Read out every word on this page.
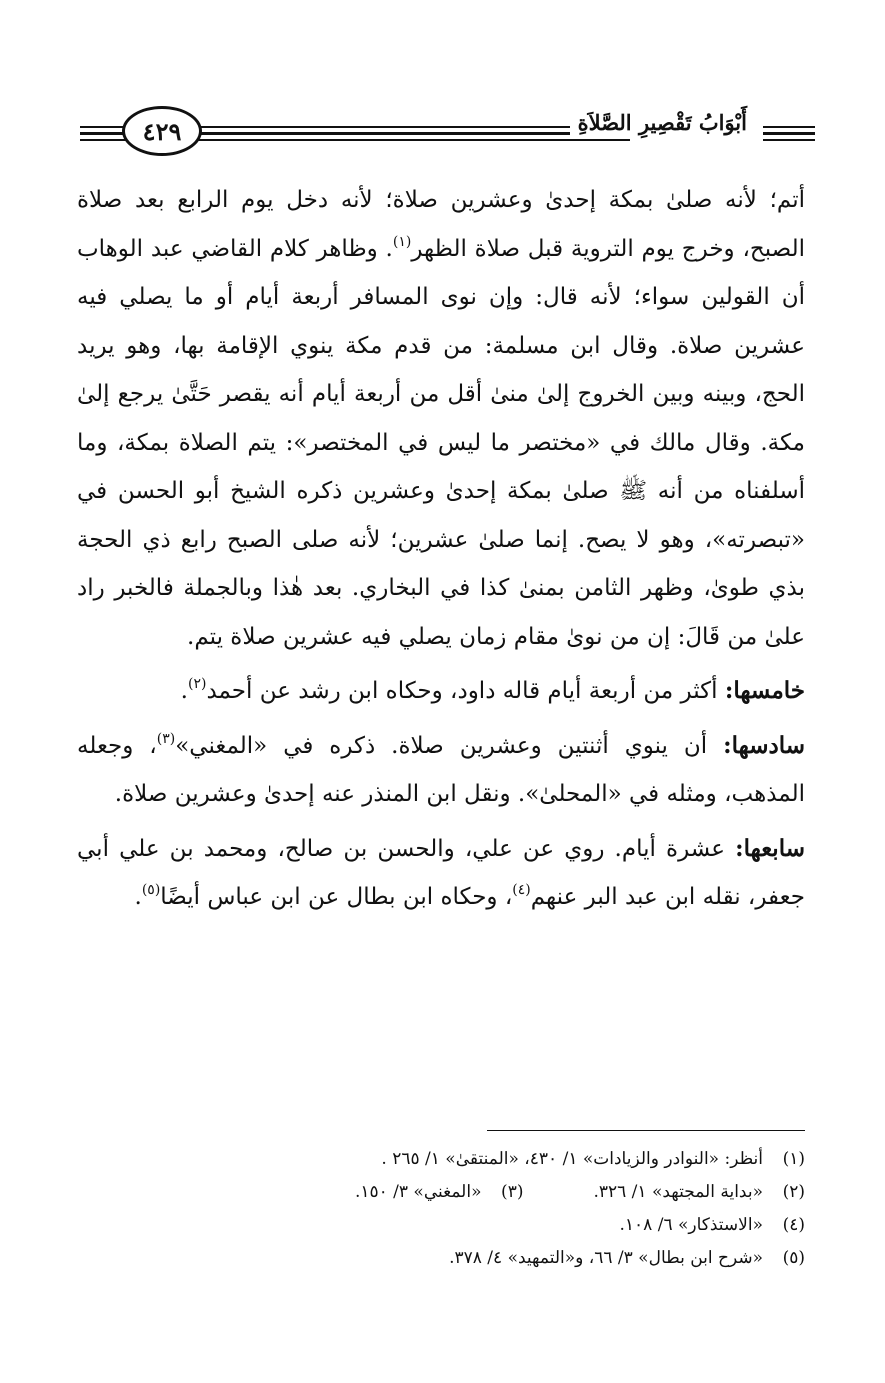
٤٢٩	أَبْوَابُ تَقْصِيرِ الصَّلاَةِ

أتم؛ لأنه صلىٰ بمكة إحدىٰ وعشرين صلاة؛ لأنه دخل يوم الرابع بعد صلاة الصبح، وخرج يوم التروية قبل صلاة الظهر$^{(١)}$. وظاهر كلام القاضي عبد الوهاب أن القولين سواء؛ لأنه قال: وإن نوى المسافر أربعة أيام أو ما يصلي فيه عشرين صلاة. وقال ابن مسلمة: من قدم مكة ينوي الإقامة بها، وهو يريد الحج، وبينه وبين الخروج إلىٰ منىٰ أقل من أربعة أيام أنه يقصر حَتَّىٰ يرجع إلىٰ مكة. وقال مالك في «مختصر ما ليس في المختصر»: يتم الصلاة بمكة، وما أسلفناه من أنه ﷺ صلىٰ بمكة إحدىٰ وعشرين ذكره الشيخ أبو الحسن في «تبصرته»، وهو لا يصح. إنما صلىٰ عشرين؛ لأنه صلى الصبح رابع ذي الحجة بذي طوىٰ، وظهر الثامن بمنىٰ كذا في البخاري. بعد هٰذا وبالجملة فالخبر راد علىٰ من قَالَ: إن من نوىٰ مقام زمان يصلي فيه عشرين صلاة يتم.

خامسها: أكثر من أربعة أيام قاله داود، وحكاه ابن رشد عن أحمد$^{(٢)}$.

سادسها: أن ينوي أثنتين وعشرين صلاة. ذكره في «المغني»$^{(٣)}$، وجعله المذهب، ومثله في «المحلىٰ». ونقل ابن المنذر عنه إحدىٰ وعشرين صلاة.

سابعها: عشرة أيام. روي عن علي، والحسن بن صالح، ومحمد بن علي أبي جعفر، نقله ابن عبد البر عنهم$^{(٤)}$، وحكاه ابن بطال عن ابن عباس أيضًا$^{(٥)}$.

(١)
أنظر: «النوادر والزيادات» ١/ ٤٣٠، «المنتقىٰ» ١/ ٢٦٥ .
(٢)
«بداية المجتهد» ١/ ٣٢٦.
(٣)
«المغني» ٣/ ١٥٠.
(٤)
«الاستذكار» ٦/ ١٠٨.
(٥)
«شرح ابن بطال» ٣/ ٦٦، و«التمهيد» ٤/ ٣٧٨.
